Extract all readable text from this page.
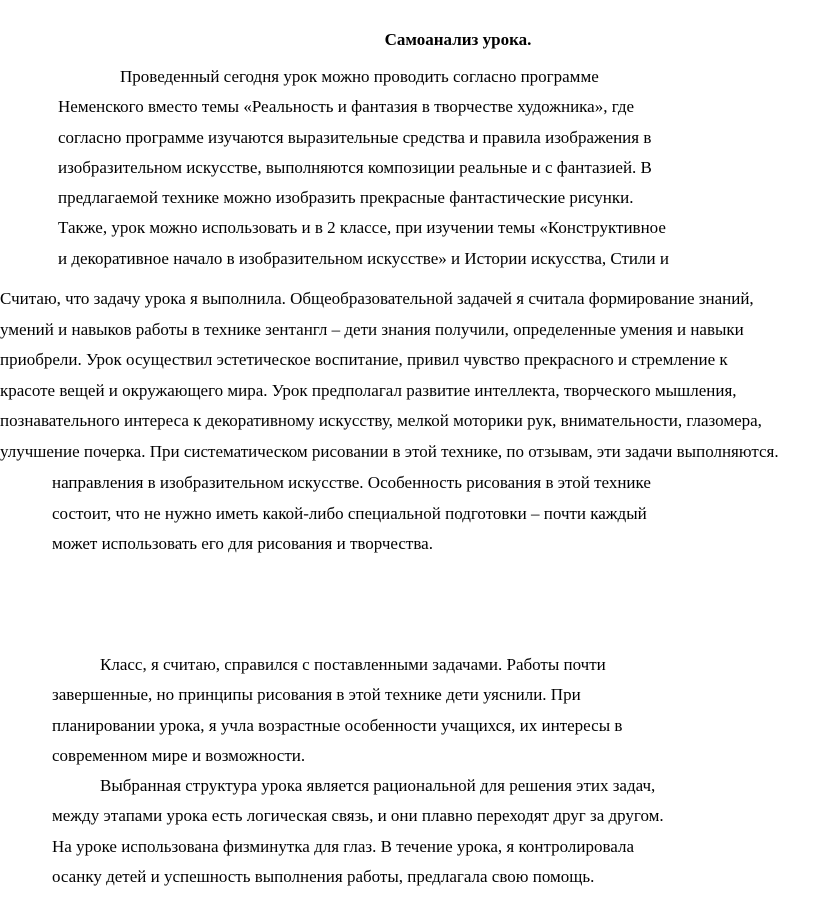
Самоанализ урока.
Проведенный сегодня урок можно проводить согласно программе
Неменского вместо темы «Реальность и фантазия в творчестве художника», где
согласно программе изучаются выразительные средства и правила изображения в
изобразительном искусстве, выполняются композиции реальные и с фантазией. В
предлагаемой технике можно изобразить прекрасные фантастические рисунки.
Также, урок можно использовать и в 2 классе, при изучении темы «Конструктивное
и декоративное начало в изобразительном искусстве» и Истории искусства, Стили и
Считаю, что задачу урока я выполнила. Общеобразовательной задачей я считала формирование знаний,
умений и навыков работы в технике зентангл – дети знания получили, определенные умения и навыки
приобрели. Урок осуществил эстетическое воспитание, привил чувство прекрасного и стремление к
красоте вещей и окружающего мира. Урок предполагал развитие интеллекта, творческого мышления,
познавательного интереса к декоративному искусству, мелкой моторики рук, внимательности, глазомера,
улучшение почерка. При систематическом рисовании в этой технике, по отзывам, эти задачи выполняются.
направления в изобразительном искусстве. Особенность рисования в этой технике
состоит, что не нужно иметь какой-либо специальной подготовки – почти каждый
может использовать его для рисования и творчества.
Класс, я считаю, справился с поставленными задачами. Работы почти
завершенные, но принципы рисования в этой технике дети уяснили. При
планировании урока, я учла возрастные особенности учащихся, их интересы в
современном мире и возможности.
Выбранная структура урока является рациональной для решения этих задач,
между этапами урока есть логическая связь, и они плавно переходят друг за другом.
На уроке использована физминутка для глаз. В течение урока, я контролировала
осанку детей и успешность выполнения работы, предлагала свою помощь.
